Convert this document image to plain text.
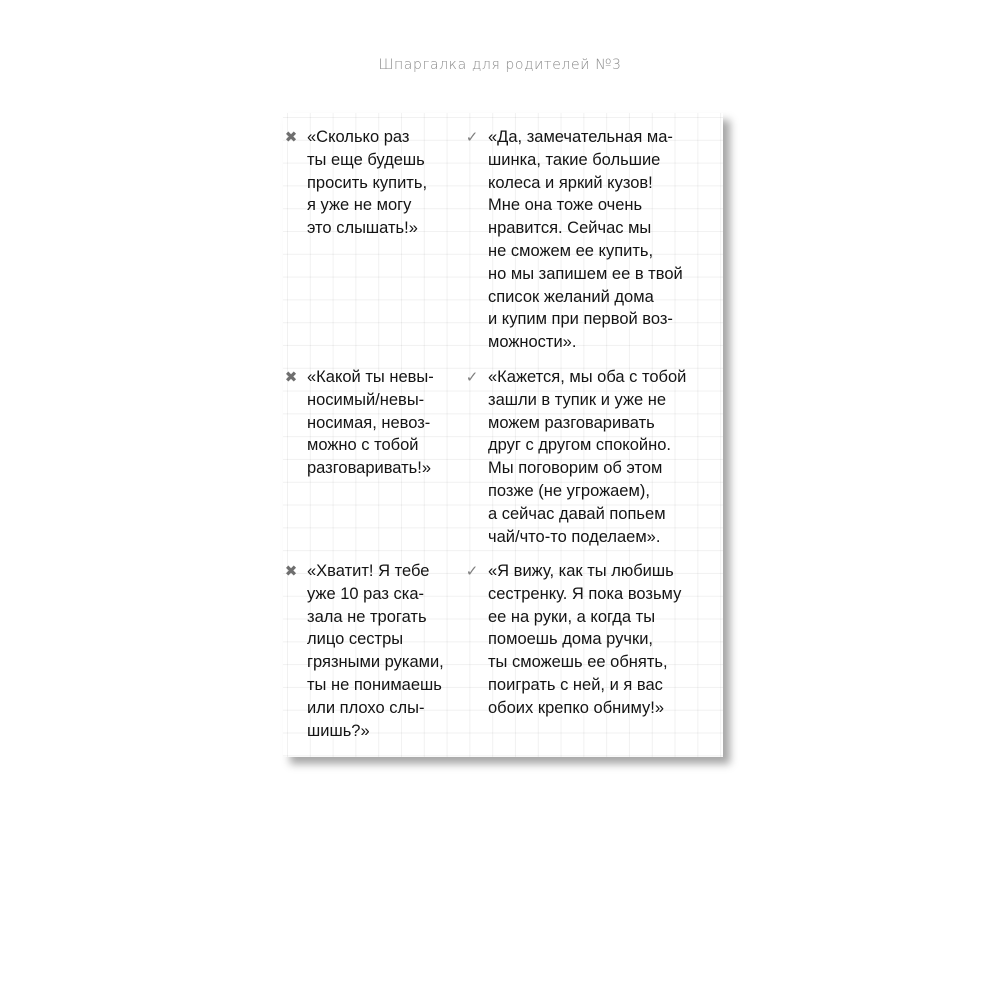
Шпаргалка для родителей №3
✖ «Сколько раз
ты еще будешь
просить купить,
я уже не могу
это слышать!»
✓ «Да, замечательная ма-
шинка, такие большие
колеса и яркий кузов!
Мне она тоже очень
нравится. Сейчас мы
не сможем ее купить,
но мы запишем ее в твой
список желаний дома
и купим при первой воз-
можности».
✖ «Какой ты невы-
носимый/невы-
носимая, невоз-
можно с тобой
разговаривать!»
✓ «Кажется, мы оба с тобой
зашли в тупик и уже не
можем разговаривать
друг с другом спокойно.
Мы поговорим об этом
позже (не угрожаем),
а сейчас давай попьем
чай/что-то поделаем».
✖ «Хватит! Я тебе
уже 10 раз ска-
зала не трогать
лицо сестры
грязными руками,
ты не понимаешь
или плохо слы-
шишь?»
✓ «Я вижу, как ты любишь
сестренку. Я пока возьму
ее на руки, а когда ты
помоешь дома ручки,
ты сможешь ее обнять,
поиграть с ней, и я вас
обоих крепко обниму!»
